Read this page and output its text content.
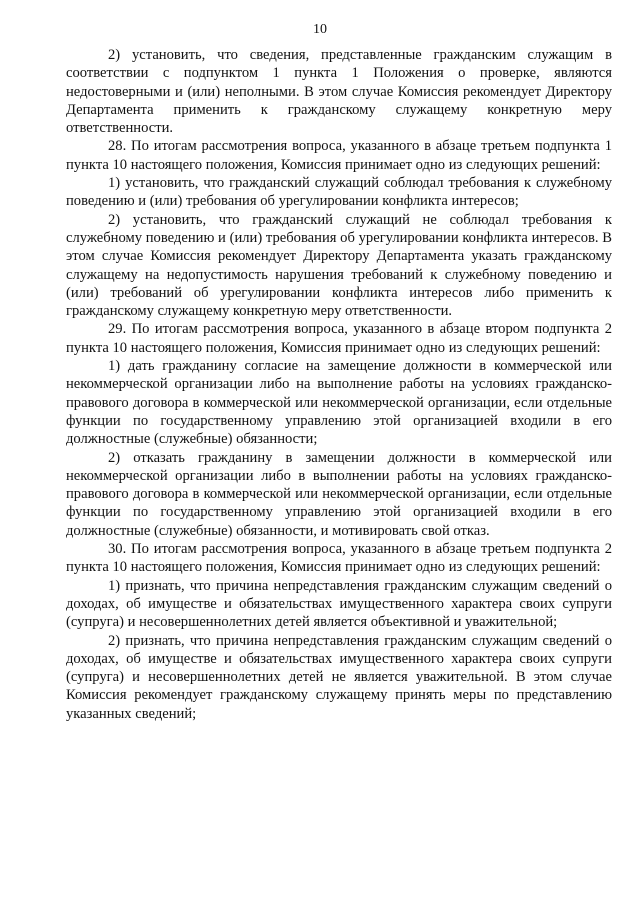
10

2) установить, что сведения, представленные гражданским служащим в соответствии с подпунктом 1 пункта 1 Положения о проверке, являются недостоверными и (или) неполными. В этом случае Комиссия рекомендует Директору Департамента применить к гражданскому служащему конкретную меру ответственности.

28. По итогам рассмотрения вопроса, указанного в абзаце третьем подпункта 1 пункта 10 настоящего положения, Комиссия принимает одно из следующих решений:

1) установить, что гражданский служащий соблюдал требования к служебному поведению и (или) требования об урегулировании конфликта интересов;

2) установить, что гражданский служащий не соблюдал требования к служебному поведению и (или) требования об урегулировании конфликта интересов. В этом случае Комиссия рекомендует Директору Департамента указать гражданскому служащему на недопустимость нарушения требований к служебному поведению и (или) требований об урегулировании конфликта интересов либо применить к гражданскому служащему конкретную меру ответственности.

29. По итогам рассмотрения вопроса, указанного в абзаце втором подпункта 2 пункта 10 настоящего положения, Комиссия принимает одно из следующих решений:

1) дать гражданину согласие на замещение должности в коммерческой или некоммерческой организации либо на выполнение работы на условиях гражданско-правового договора в коммерческой или некоммерческой организации, если отдельные функции по государственному управлению этой организацией входили в его должностные (служебные) обязанности;

2) отказать гражданину в замещении должности в коммерческой или некоммерческой организации либо в выполнении работы на условиях гражданско-правового договора в коммерческой или некоммерческой организации, если отдельные функции по государственному управлению этой организацией входили в его должностные (служебные) обязанности, и мотивировать свой отказ.

30. По итогам рассмотрения вопроса, указанного в абзаце третьем подпункта 2 пункта 10 настоящего положения, Комиссия принимает одно из следующих решений:

1) признать, что причина непредставления гражданским служащим сведений о доходах, об имуществе и обязательствах имущественного характера своих супруги (супруга) и несовершеннолетних детей является объективной и уважительной;

2) признать, что причина непредставления гражданским служащим сведений о доходах, об имуществе и обязательствах имущественного характера своих супруги (супруга) и несовершеннолетних детей не является уважительной. В этом случае Комиссия рекомендует гражданскому служащему принять меры по представлению указанных сведений;
